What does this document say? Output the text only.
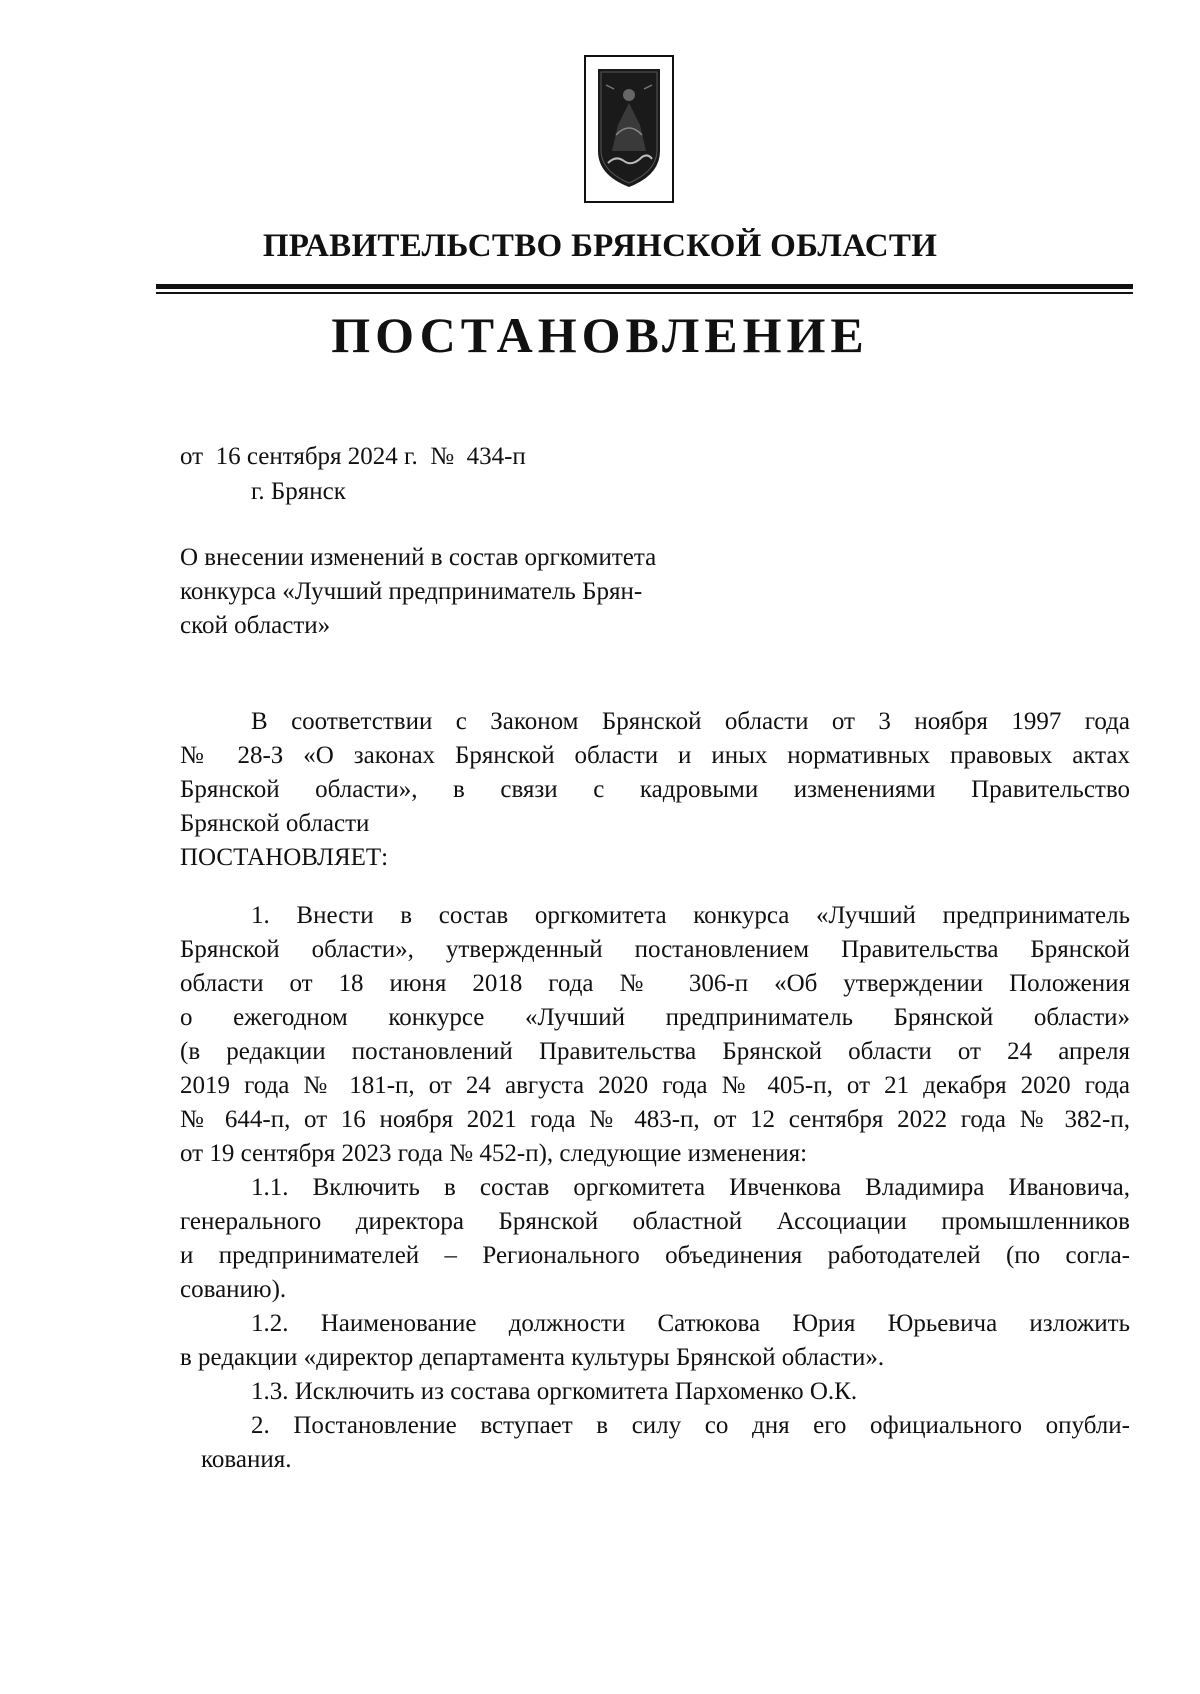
ПРАВИТЕЛЬСТВО БРЯНСКОЙ ОБЛАСТИ
ПОСТАНОВЛЕНИЕ
от 16 сентября 2024 г. № 434-п
г. Брянск
О внесении изменений в состав оргкомитета
конкурса «Лучший предприниматель Брян-
ской области»
В соответствии с Законом Брянской области от 3 ноября 1997 года
№ 28-З «О законах Брянской области и иных нормативных правовых актах
Брянской области», в связи с кадровыми изменениями Правительство
Брянской области
ПОСТАНОВЛЯЕТ:
1. Внести в состав оргкомитета конкурса «Лучший предприниматель
Брянской области», утвержденный постановлением Правительства Брянской
области от 18 июня 2018 года № 306-п «Об утверждении Положения
о ежегодном конкурсе «Лучший предприниматель Брянской области»
(в редакции постановлений Правительства Брянской области от 24 апреля
2019 года № 181-п, от 24 августа 2020 года № 405-п, от 21 декабря 2020 года
№ 644-п, от 16 ноября 2021 года № 483-п, от 12 сентября 2022 года № 382-п,
от 19 сентября 2023 года № 452-п), следующие изменения:
1.1. Включить в состав оргкомитета Ивченкова Владимира Ивановича,
генерального директора Брянской областной Ассоциации промышленников
и предпринимателей – Регионального объединения работодателей (по согла-
сованию).
1.2. Наименование должности Сатюкова Юрия Юрьевича изложить
в редакции «директор департамента культуры Брянской области».
1.3. Исключить из состава оргкомитета Пархоменко О.К.
2. Постановление вступает в силу со дня его официального опубли-
кования.
